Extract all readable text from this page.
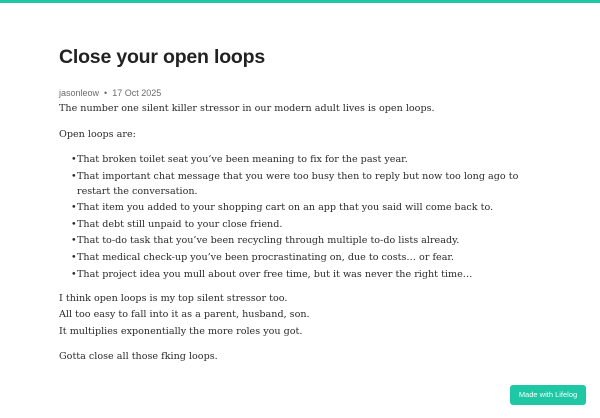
Close your open loops
jasonleow • 17 Oct 2025

The number one silent killer stressor in our modern adult lives is open loops.

Open loops are:

• That broken toilet seat you’ve been meaning to fix for the past year.
• That important chat message that you were too busy then to reply but now too long ago to restart the conversation.
• That item you added to your shopping cart on an app that you said will come back to.
• That debt still unpaid to your close friend.
• That to-do task that you’ve been recycling through multiple to-do lists already.
• That medical check-up you’ve been procrastinating on, due to costs… or fear.
• That project idea you mull about over free time, but it was never the right time…

I think open loops is my top silent stressor too.
All too easy to fall into it as a parent, husband, son.
It multiplies exponentially the more roles you got.

Gotta close all those fking loops.

Made with Lifelog
